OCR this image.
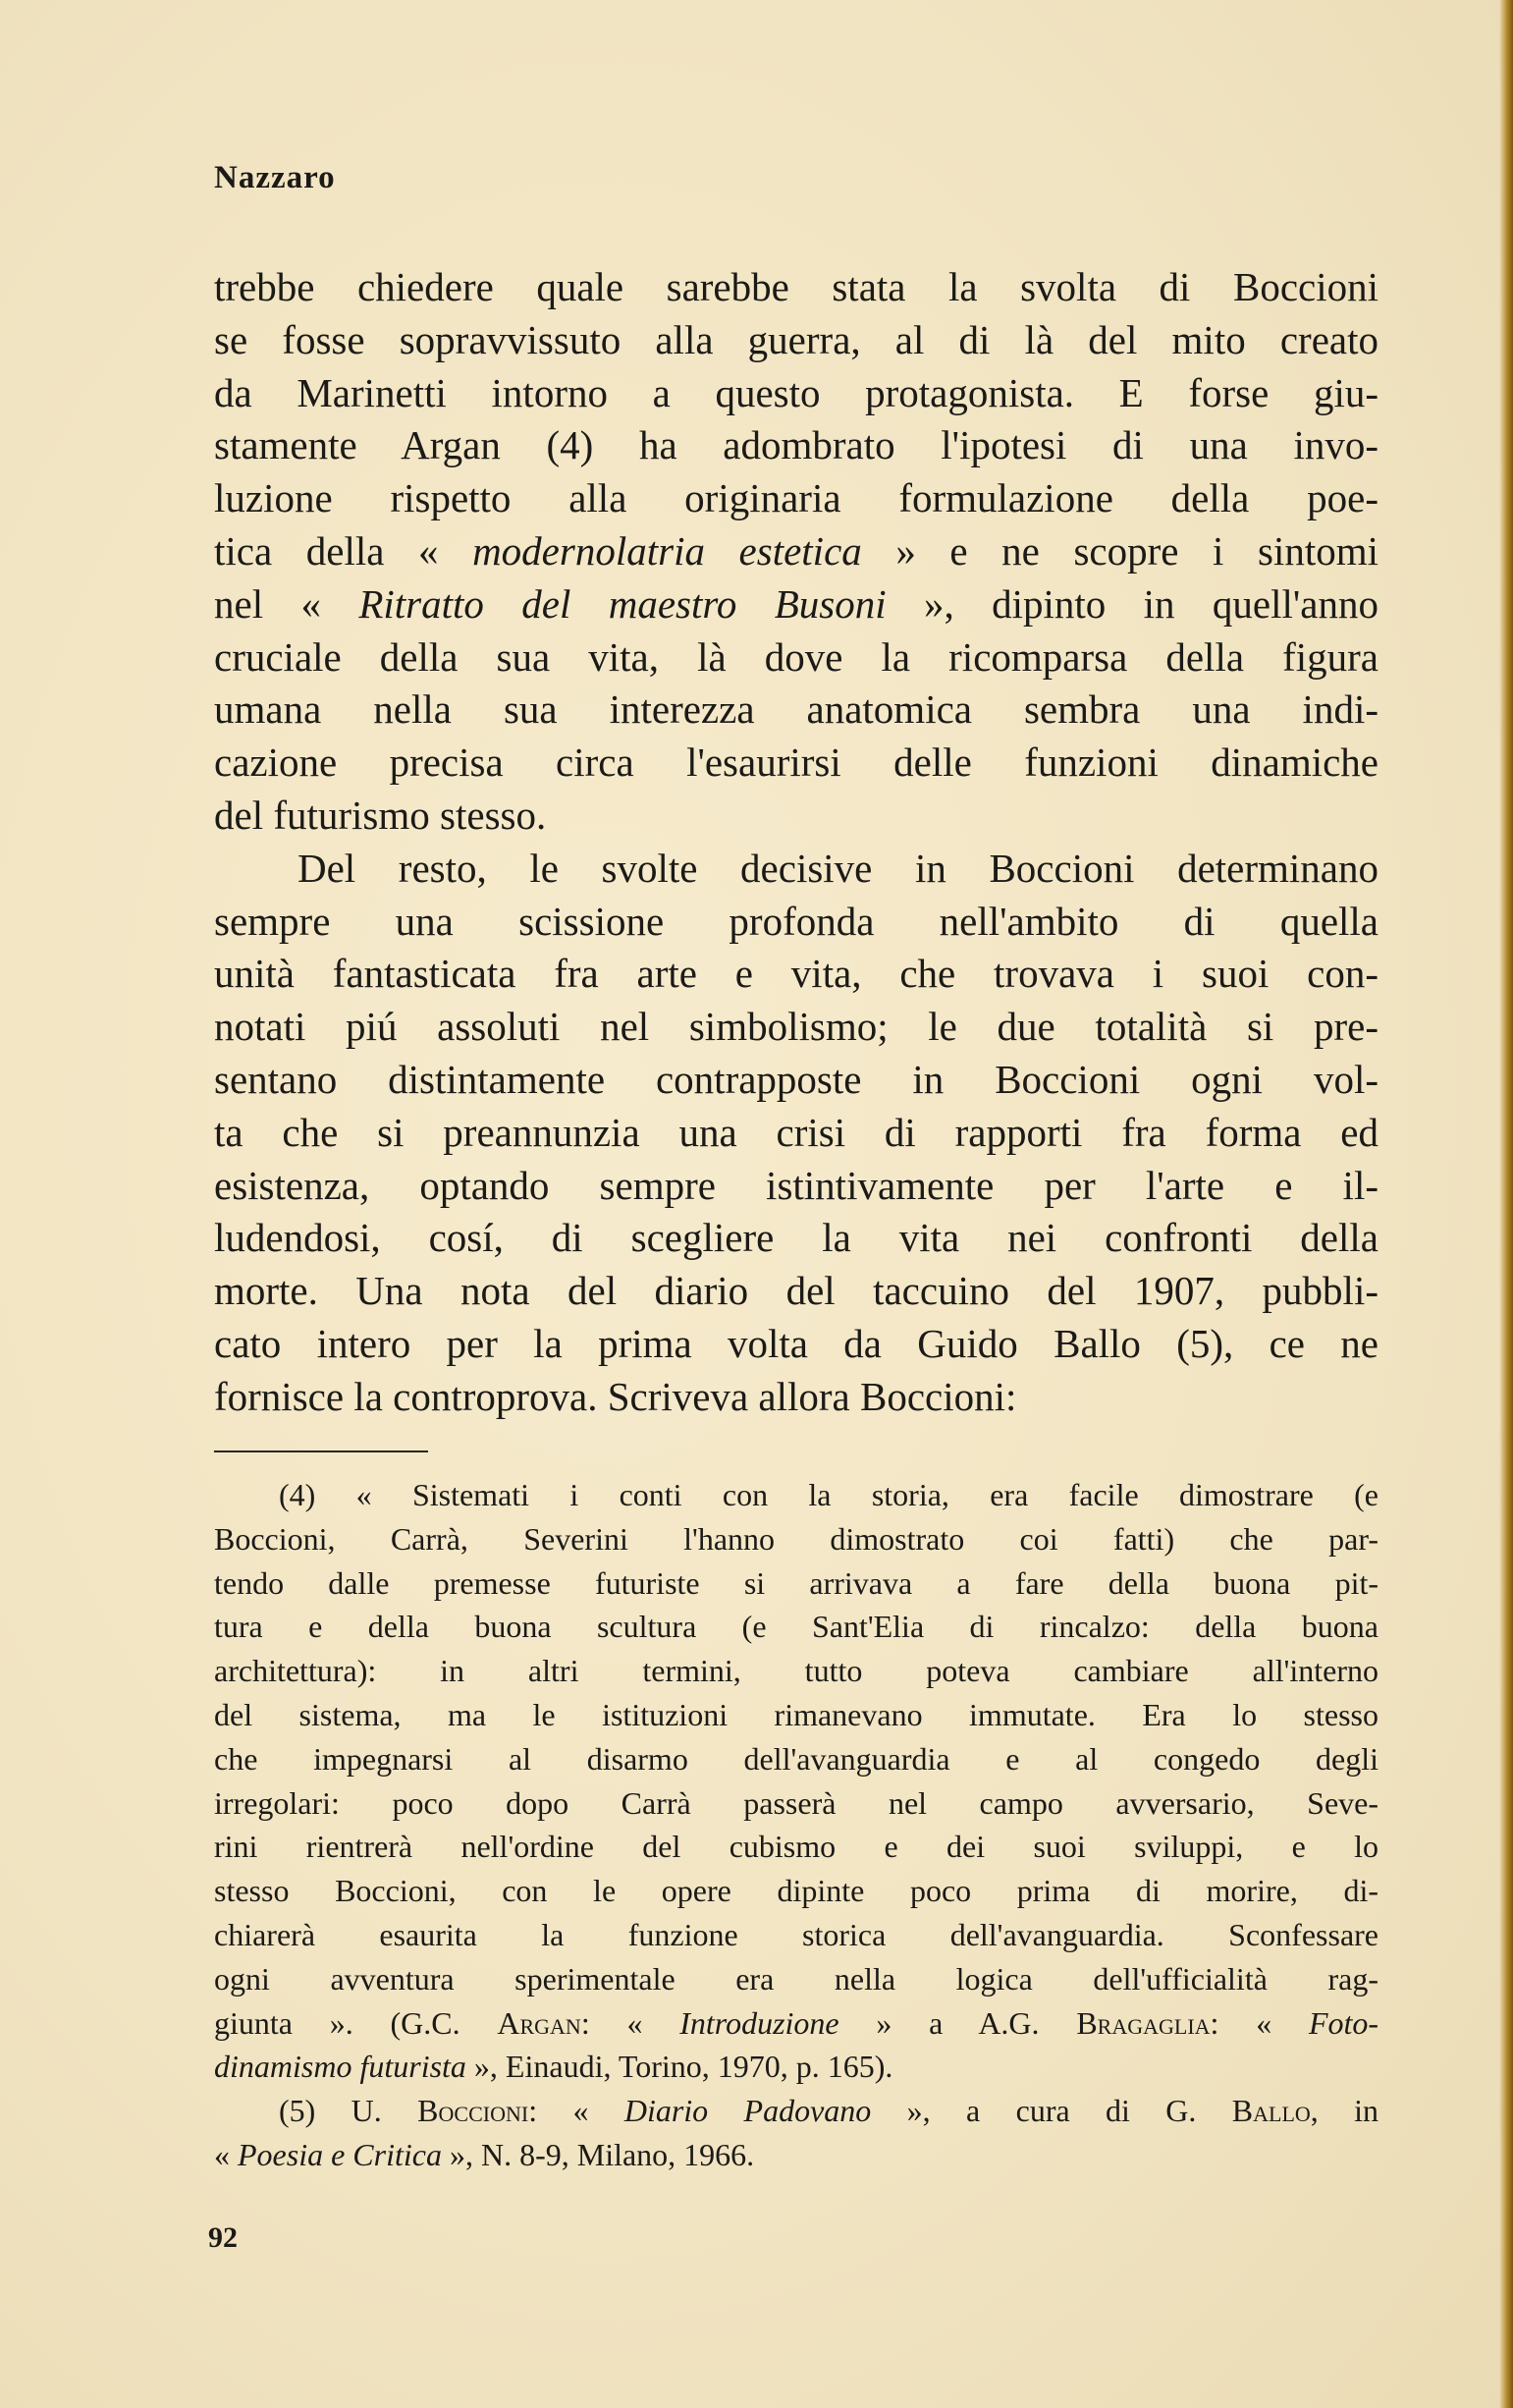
Nazzaro
trebbe chiedere quale sarebbe stata la svolta di Boccioni
se fosse sopravvissuto alla guerra, al di là del mito creato
da Marinetti intorno a questo protagonista. E forse giu-
stamente Argan (4) ha adombrato l'ipotesi di una invo-
luzione rispetto alla originaria formulazione della poe-
tica della « modernolatria estetica » e ne scopre i sintomi
nel « Ritratto del maestro Busoni », dipinto in quell'anno
cruciale della sua vita, là dove la ricomparsa della figura
umana nella sua interezza anatomica sembra una indi-
cazione precisa circa l'esaurirsi delle funzioni dinamiche
del futurismo stesso.
Del resto, le svolte decisive in Boccioni determinano
sempre una scissione profonda nell'ambito di quella
unità fantasticata fra arte e vita, che trovava i suoi con-
notati piú assoluti nel simbolismo; le due totalità si pre-
sentano distintamente contrapposte in Boccioni ogni vol-
ta che si preannunzia una crisi di rapporti fra forma ed
esistenza, optando sempre istintivamente per l'arte e il-
ludendosi, cosí, di scegliere la vita nei confronti della
morte. Una nota del diario del taccuino del 1907, pubbli-
cato intero per la prima volta da Guido Ballo (5), ce ne
fornisce la controprova. Scriveva allora Boccioni:
(4) « Sistemati i conti con la storia, era facile dimostrare (e
Boccioni, Carrà, Severini l'hanno dimostrato coi fatti) che par-
tendo dalle premesse futuriste si arrivava a fare della buona pit-
tura e della buona scultura (e Sant'Elia di rincalzo: della buona
architettura): in altri termini, tutto poteva cambiare all'interno
del sistema, ma le istituzioni rimanevano immutate. Era lo stesso
che impegnarsi al disarmo dell'avanguardia e al congedo degli
irregolari: poco dopo Carrà passerà nel campo avversario, Seve-
rini rientrerà nell'ordine del cubismo e dei suoi sviluppi, e lo
stesso Boccioni, con le opere dipinte poco prima di morire, di-
chiarerà esaurita la funzione storica dell'avanguardia. Sconfessare
ogni avventura sperimentale era nella logica dell'ufficialità rag-
giunta ». (G.C. Argan: « Introduzione » a A.G. Bragaglia: « Foto-
dinamismo futurista », Einaudi, Torino, 1970, p. 165).
(5) U. Boccioni: « Diario Padovano », a cura di G. Ballo, in
« Poesia e Critica », N. 8-9, Milano, 1966.
92
